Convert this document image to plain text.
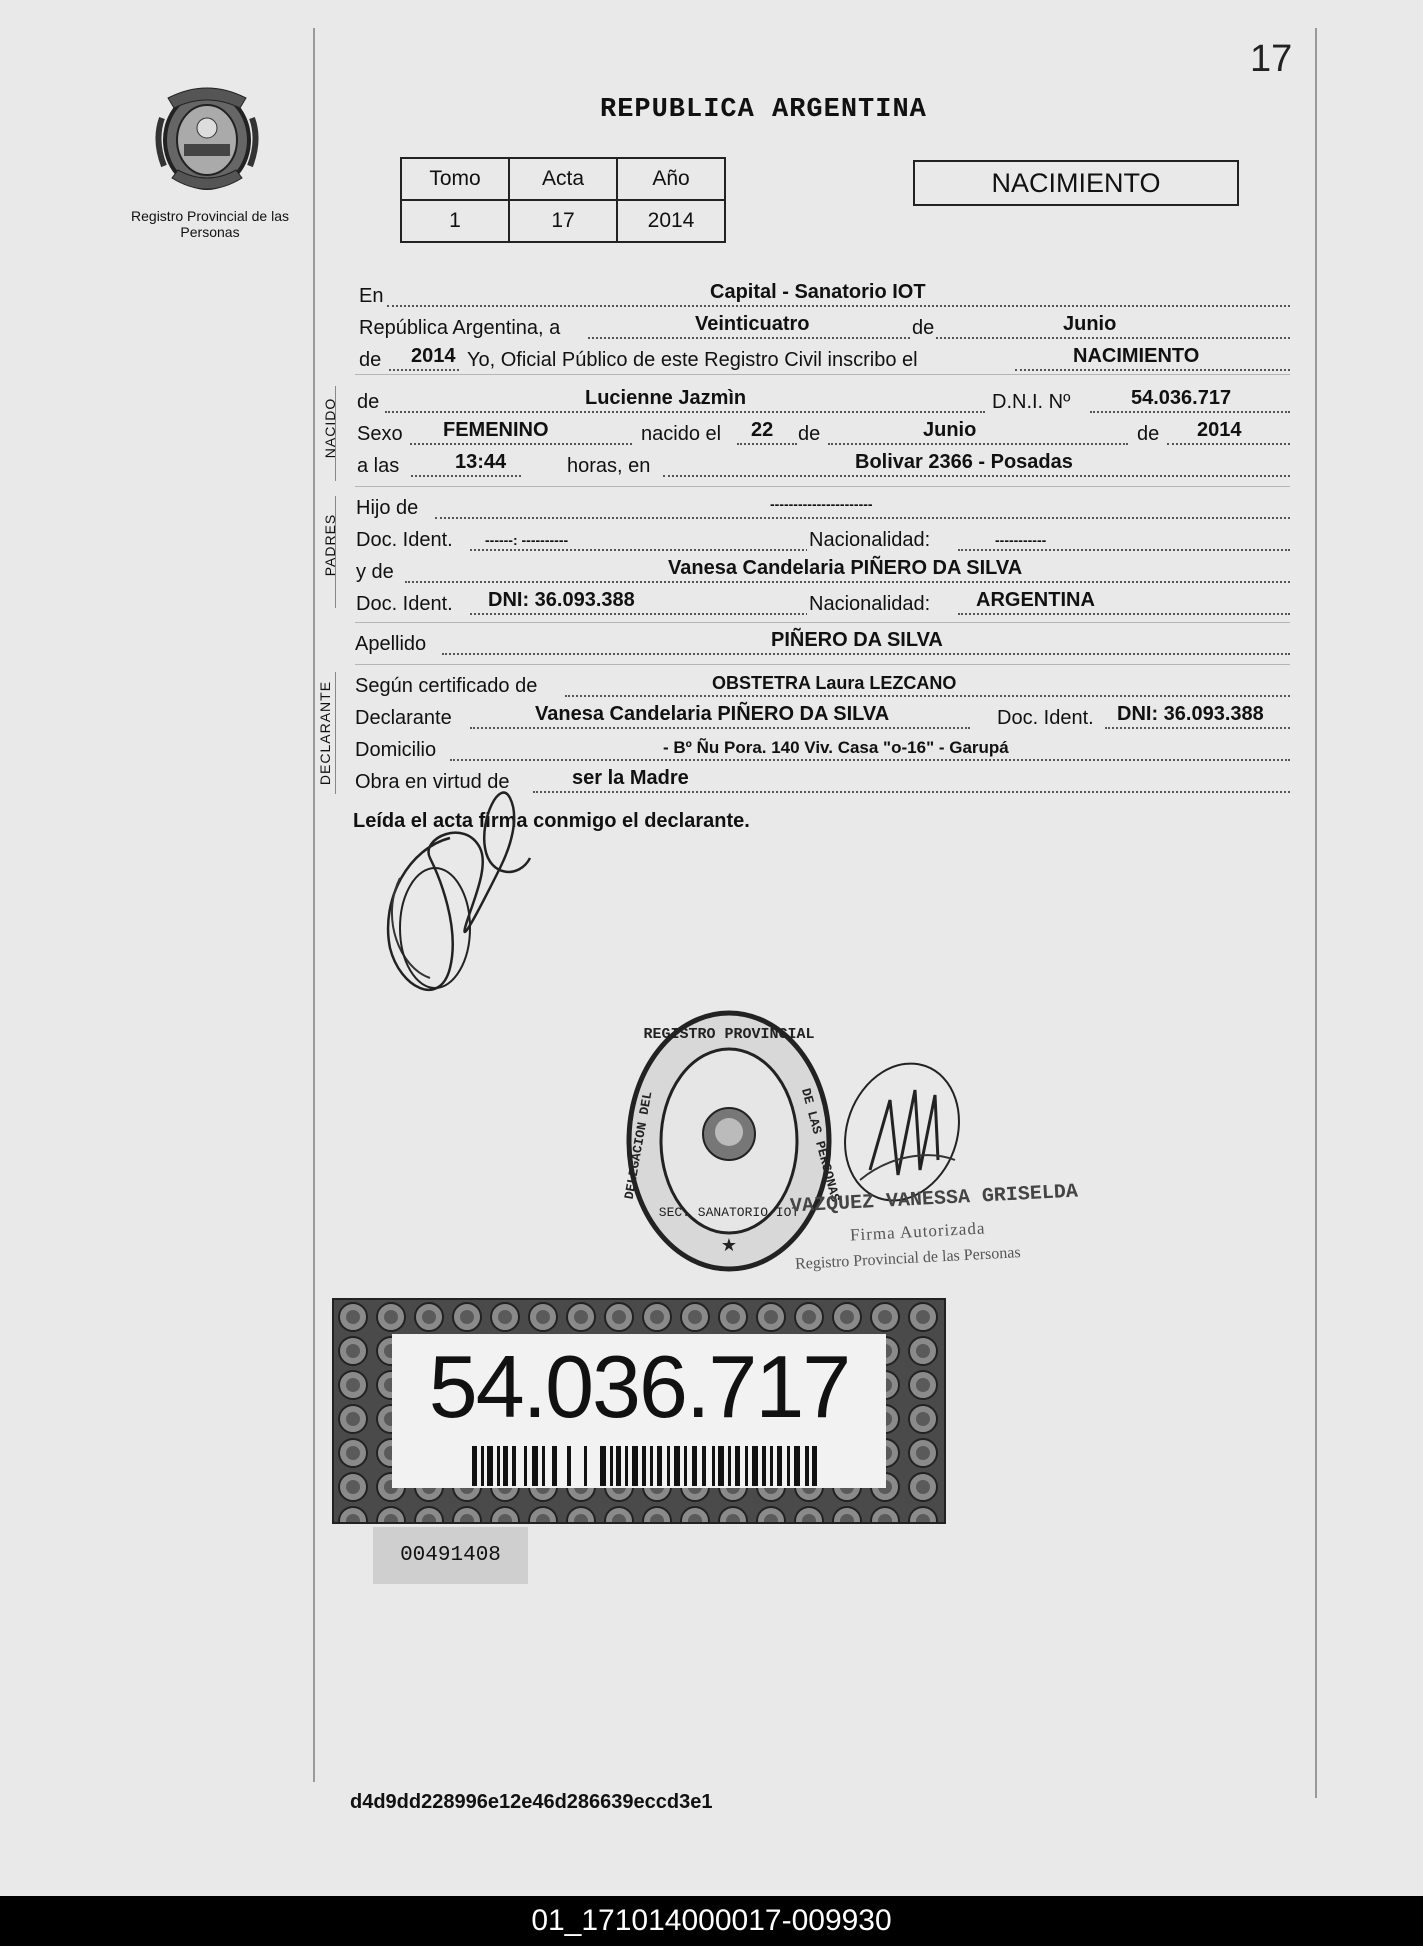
17
Registro Provincial de las Personas
REPUBLICA ARGENTINA
Tomo	Acta	Año
1	17	2014
NACIMIENTO
En	Capital - Sanatorio IOT
República Argentina, a	Veinticuatro	de	Junio
de 2014 Yo, Oficial Público de este Registro Civil inscribo el	NACIMIENTO
NACIDO de	Lucienne Jazmìn	D.N.I. Nº	54.036.717
Sexo FEMENINO	nacido el 22 de	Junio	de 2014
a las	13:44	horas, en	Bolivar 2366 - Posadas
PADRES
Hijo de	----------------------
Doc. Ident. ------: ----------	Nacionalidad:	-----------
y de	Vanesa Candelaria PIÑERO DA SILVA
Doc. Ident. DNI: 36.093.388	Nacionalidad: ARGENTINA
Apellido	PIÑERO DA SILVA
DECLARANTE Según certificado de	OBSTETRA Laura LEZCANO
Declarante	Vanesa Candelaria PIÑERO DA SILVA	Doc. Ident. DNI: 36.093.388
Domicilio	- Bº Ñu Pora. 140 Viv. Casa "o-16" - Garupá
Obra en virtud de	ser la Madre
Leída el acta firma conmigo el declarante.
REGISTRO PROVINCIAL
DE LAS PERSONAS
DELEGACION DEL
SEC. SANATORIO IOT
★
VAZQUEZ VANESSA GRISELDA
Firma Autorizada
Registro Provincial de las Personas
54.036.717
00491408
d4d9dd228996e12e46d286639eccd3e1
01_171014000017-009930
